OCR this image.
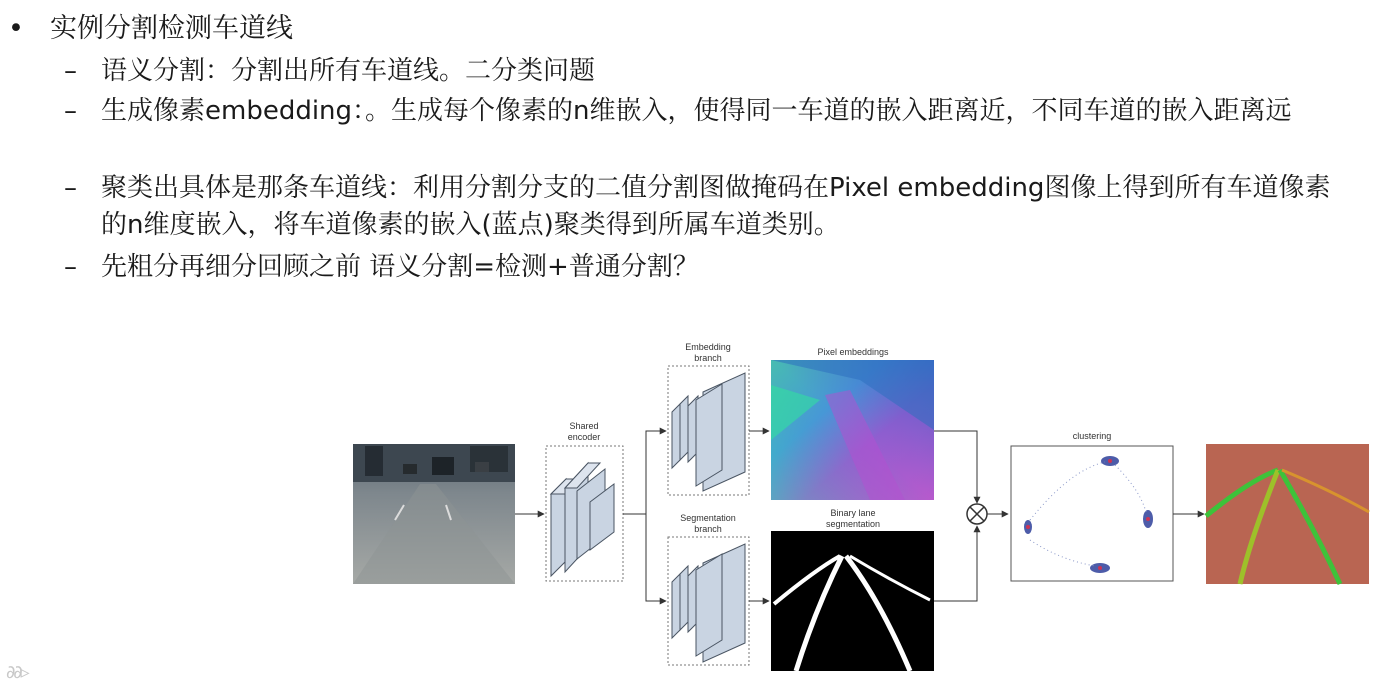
• 实例分割检测车道线
– 语义分割：分割出所有车道线。二分类问题
– 生成像素embedding：。生成每个像素的n维嵌入，使得同一车道的嵌入距离近，不同车道的嵌入距离远
– 聚类出具体是那条车道线：利用分割分支的二值分割图做掩码在Pixel embedding图像上得到所有车道像素的n维度嵌入，将车道像素的嵌入(蓝点)聚类得到所属车道类别。
– 先粗分再细分回顾之前 语义分割=检测+普通分割？
Shared
encoder
Embedding
branch
Segmentation
branch
Pixel embeddings
Binary lane
segmentation
clustering
∂∂▹
